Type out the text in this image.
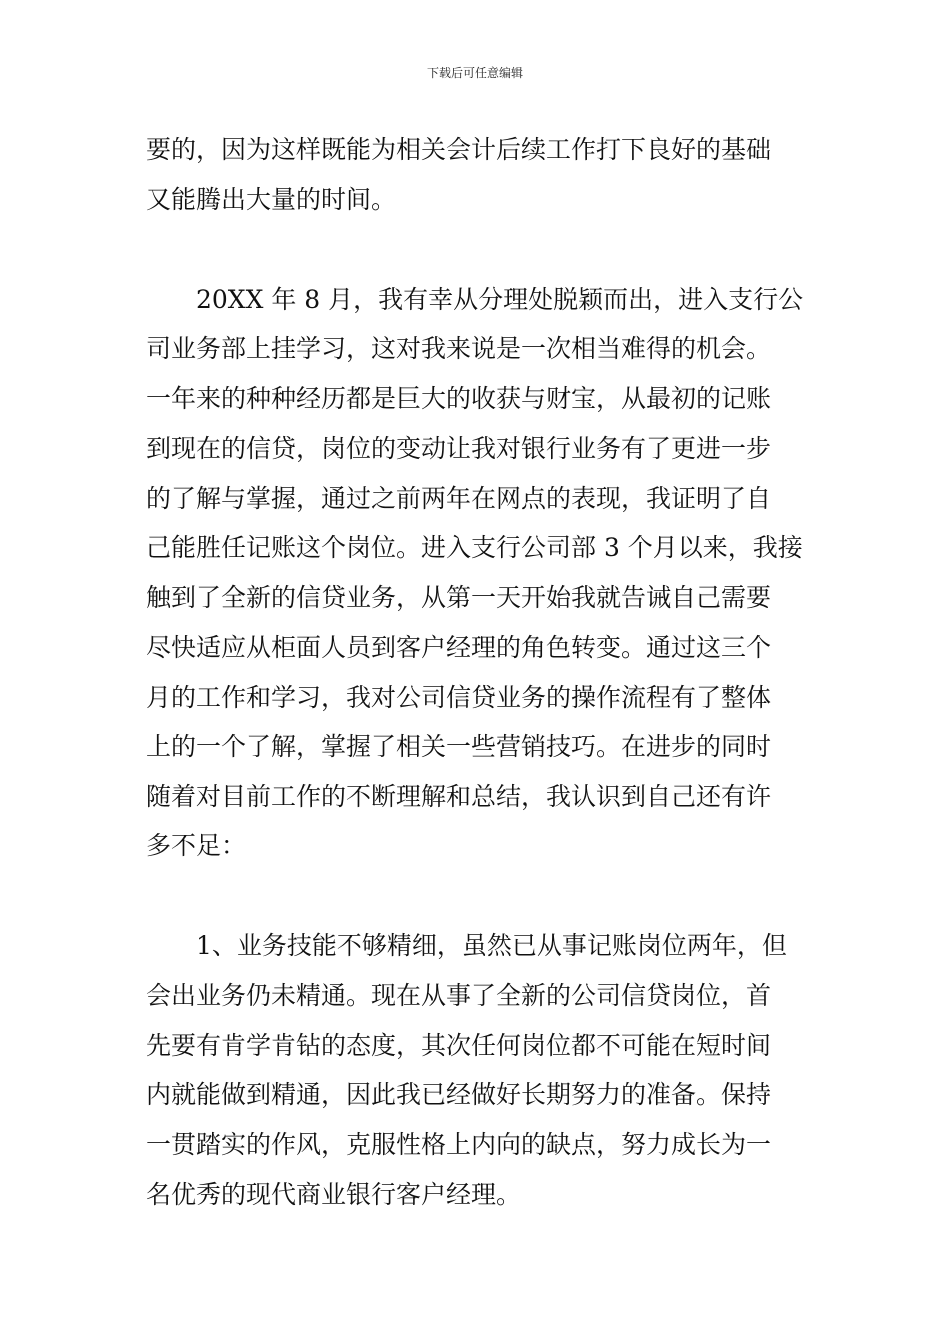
下载后可任意编辑
要的，因为这样既能为相关会计后续工作打下良好的基础
又能腾出大量的时间。
　　20XX 年 8 月，我有幸从分理处脱颖而出，进入支行公
司业务部上挂学习，这对我来说是一次相当难得的机会。
一年来的种种经历都是巨大的收获与财宝，从最初的记账
到现在的信贷，岗位的变动让我对银行业务有了更进一步
的了解与掌握，通过之前两年在网点的表现，我证明了自
己能胜任记账这个岗位。进入支行公司部 3 个月以来，我接
触到了全新的信贷业务，从第一天开始我就告诫自己需要
尽快适应从柜面人员到客户经理的角色转变。通过这三个
月的工作和学习，我对公司信贷业务的操作流程有了整体
上的一个了解，掌握了相关一些营销技巧。在进步的同时
随着对目前工作的不断理解和总结，我认识到自己还有许
多不足：
　　1、业务技能不够精细，虽然已从事记账岗位两年，但
会出业务仍未精通。现在从事了全新的公司信贷岗位，首
先要有肯学肯钻的态度，其次任何岗位都不可能在短时间
内就能做到精通，因此我已经做好长期努力的准备。保持
一贯踏实的作风，克服性格上内向的缺点，努力成长为一
名优秀的现代商业银行客户经理。
